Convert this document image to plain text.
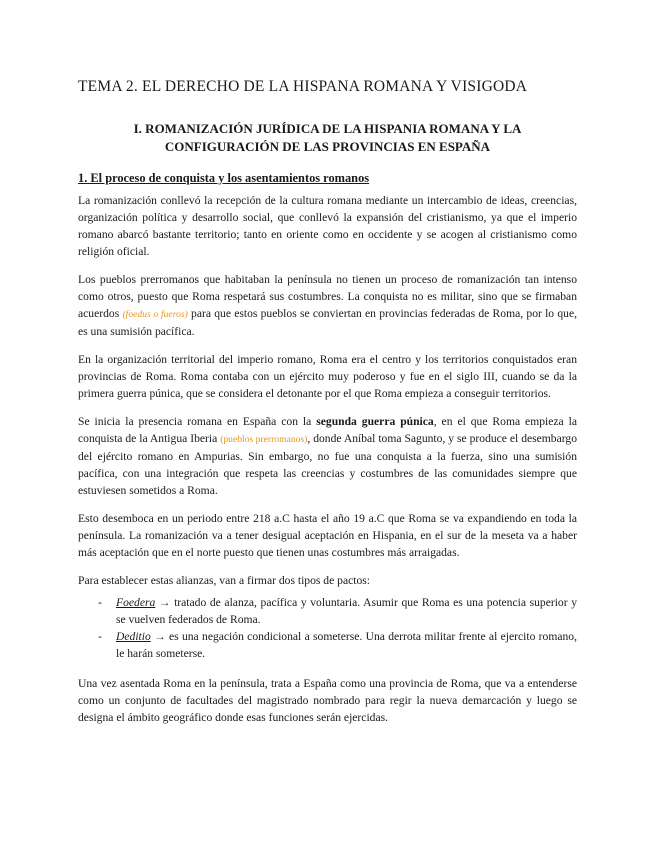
TEMA 2. EL DERECHO DE LA HISPANA ROMANA Y VISIGODA
I. ROMANIZACIÓN JURÍDICA DE LA HISPANIA ROMANA Y LA
CONFIGURACIÓN DE LAS PROVINCIAS EN ESPAÑA
1. El proceso de conquista y los asentamientos romanos

La romanización conllevó la recepción de la cultura romana mediante un intercambio de ideas, creencias, organización política y desarrollo social, que conllevó la expansión del cristianismo, ya que el imperio romano abarcó bastante territorio; tanto en oriente como en occidente y se acogen al cristianismo como religión oficial.

Los pueblos prerromanos que habitaban la península no tienen un proceso de romanización tan intenso como otros, puesto que Roma respetará sus costumbres. La conquista no es militar, sino que se firmaban acuerdos (foedus o fueros) para que estos pueblos se conviertan en provincias federadas de Roma, por lo que, es una sumisión pacífica.

En la organización territorial del imperio romano, Roma era el centro y los territorios conquistados eran provincias de Roma. Roma contaba con un ejército muy poderoso y fue en el siglo III, cuando se da la primera guerra púnica, que se considera el detonante por el que Roma empieza a conseguir territorios.

Se inicia la presencia romana en España con la segunda guerra púnica, en el que Roma empieza la conquista de la Antigua Iberia (pueblos prerromanos), donde Aníbal toma Sagunto, y se produce el desembargo del ejército romano en Ampurias. Sin embargo, no fue una conquista a la fuerza, sino una sumisión pacífica, con una integración que respeta las creencias y costumbres de las comunidades siempre que estuviesen sometidos a Roma.

Esto desemboca en un periodo entre 218 a.C hasta el año 19 a.C que Roma se va expandiendo en toda la península. La romanización va a tener desigual aceptación en Hispania, en el sur de la meseta va a haber más aceptación que en el norte puesto que tienen unas costumbres más arraigadas.

Para establecer estas alianzas, van a firmar dos tipos de pactos:

- Foedera → tratado de alanza, pacífica y voluntaria. Asumir que Roma es una potencia superior y se vuelven federados de Roma.
- Deditio → es una negación condicional a someterse. Una derrota militar frente al ejercito romano, le harán someterse.

Una vez asentada Roma en la península, trata a España como una provincia de Roma, que va a entenderse como un conjunto de facultades del magistrado nombrado para regir la nueva demarcación y luego se designa el ámbito geográfico donde esas funciones serán ejercidas.
